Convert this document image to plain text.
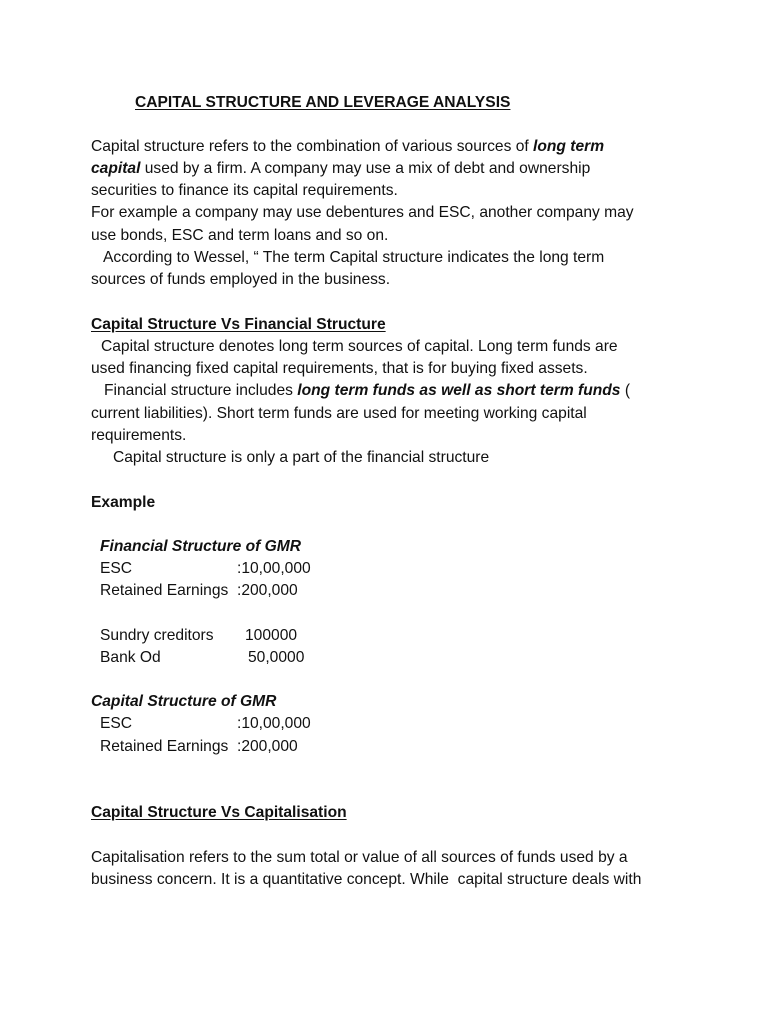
CAPITAL STRUCTURE AND LEVERAGE ANALYSIS
Capital structure refers to the combination of various sources of long term
capital used by a firm. A company may use a mix of debt and ownership
securities to finance its capital requirements.
For example a company may use debentures and ESC, another company may
use bonds, ESC and term loans and so on.
According to Wessel, “ The term Capital structure indicates the long term
sources of funds employed in the business.
Capital Structure Vs Financial Structure
Capital structure denotes long term sources of capital. Long term funds are
used financing fixed capital requirements, that is for buying fixed assets.
Financial structure includes long term funds as well as short term funds (
current liabilities). Short term funds are used for meeting working capital
requirements.
Capital structure is only a part of the financial structure
Example
Financial Structure of GMR
ESC	:10,00,000
Retained Earnings :200,000
Sundry creditors 100000
Bank Od	50,0000
Capital Structure of GMR
ESC	:10,00,000
Retained Earnings :200,000
Capital Structure Vs Capitalisation
Capitalisation refers to the sum total or value of all sources of funds used by a
business concern. It is a quantitative concept. While  capital structure deals with
